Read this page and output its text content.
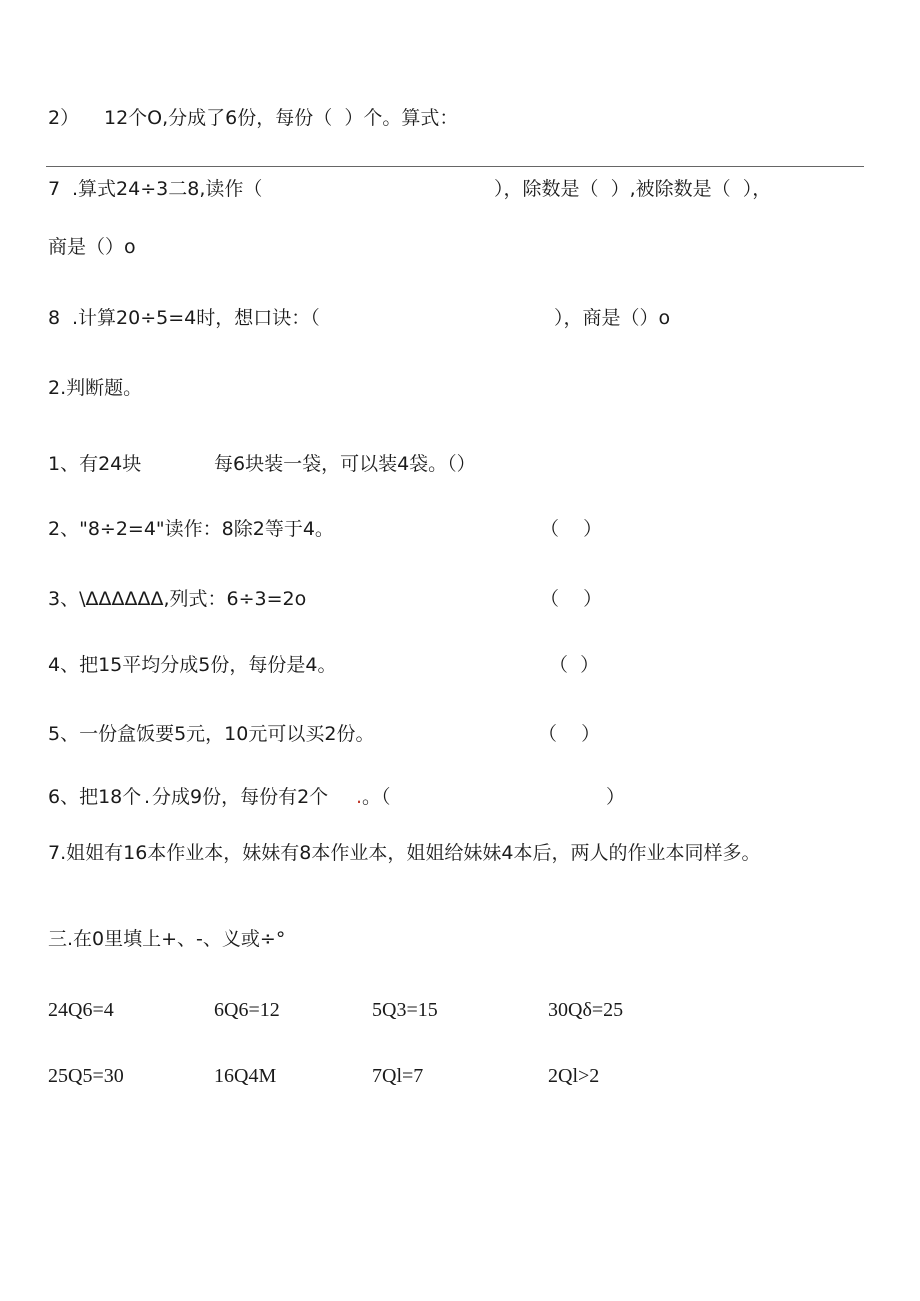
2） 12个O,分成了6份，每份（  ）个。算式：
7 .算式24÷3二8,读作（	），除数是（  ）,被除数是（  ），
商是（）o
8 .计算20÷5=4时，想口诀：（	），商是（）o
2.判断题。
1、有24块	每6块装一袋，可以装4袋。（）
2、"8÷2=4"读作：8除2等于4。	（    ）
3、\ΔΔΔΔΔΔ,列式：6÷3=2o	（    ）
4、把15平均分成5份，每份是4。	（  ）
5、一份盒饭要5元，10元可以买2份。	（    ）
6、把18个 . 分成9份，每份有2个 . 。（	）
7.姐姐有16本作业本，妹妹有8本作业本，姐姐给妹妹4本后，两人的作业本同样多。
三.在0里填上+、-、义或÷°
24Q6=4	6Q6=12	5Q3=15	30Qδ=25
25Q5=30	16Q4M	7Ql=7	2Ql>2
